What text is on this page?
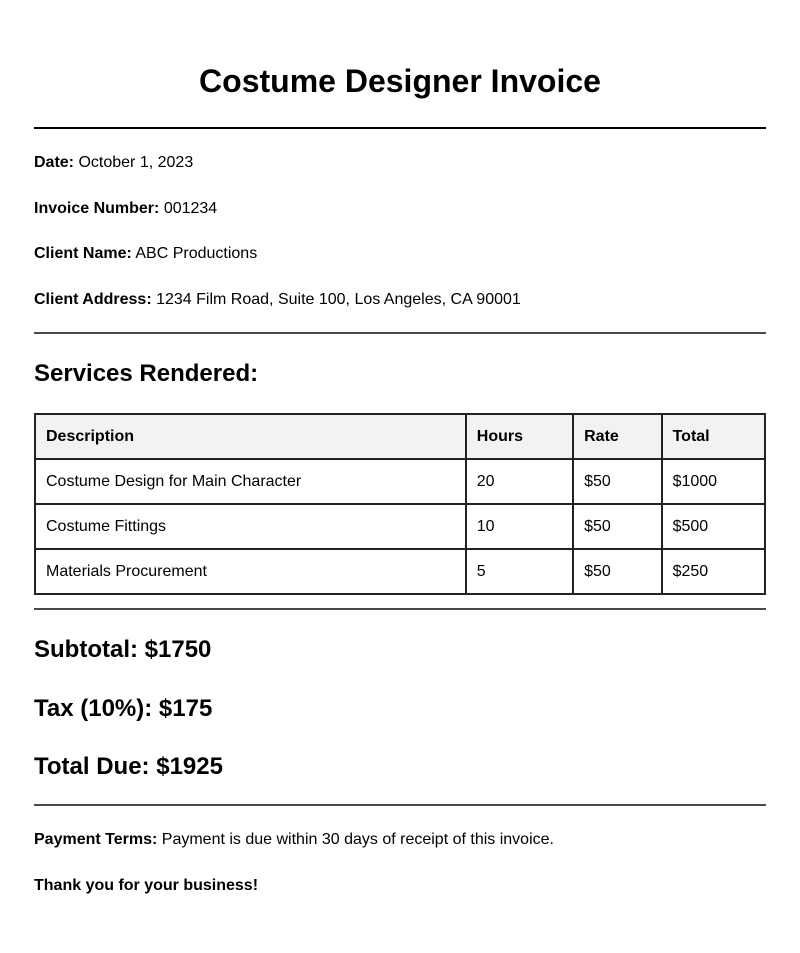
Costume Designer Invoice

Date: October 1, 2023

Invoice Number: 001234

Client Name: ABC Productions

Client Address: 1234 Film Road, Suite 100, Los Angeles, CA 90001

Services Rendered:
Description	Hours	Rate	Total
Costume Design for Main Character	20	$50	$1000
Costume Fittings	10	$50	$500
Materials Procurement	5	$50	$250

Subtotal: $1750

Tax (10%): $175

Total Due: $1925

Payment Terms: Payment is due within 30 days of receipt of this invoice.

Thank you for your business!
